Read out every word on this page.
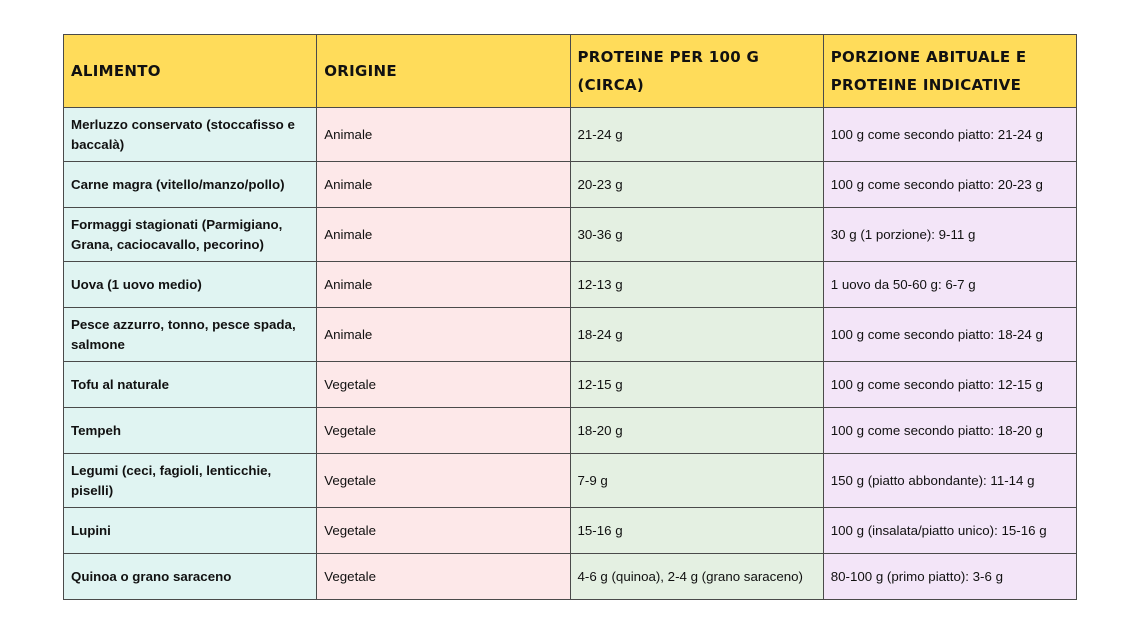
ALIMENTO	ORIGINE	PROTEINE PER 100 G (CIRCA)	PORZIONE ABITUALE E PROTEINE INDICATIVE
Merluzzo conservato (stoccafisso e baccalà)	Animale	21-24 g	100 g come secondo piatto: 21-24 g
Carne magra (vitello/manzo/pollo)	Animale	20-23 g	100 g come secondo piatto: 20-23 g
Formaggi stagionati (Parmigiano, Grana, caciocavallo, pecorino)	Animale	30-36 g	30 g (1 porzione): 9-11 g
Uova (1 uovo medio)	Animale	12-13 g	1 uovo da 50-60 g: 6-7 g
Pesce azzurro, tonno, pesce spada, salmone	Animale	18-24 g	100 g come secondo piatto: 18-24 g
Tofu al naturale	Vegetale	12-15 g	100 g come secondo piatto: 12-15 g
Tempeh	Vegetale	18-20 g	100 g come secondo piatto: 18-20 g
Legumi (ceci, fagioli, lenticchie, piselli)	Vegetale	7-9 g	150 g (piatto abbondante): 11-14 g
Lupini	Vegetale	15-16 g	100 g (insalata/piatto unico): 15-16 g
Quinoa o grano saraceno	Vegetale	4-6 g (quinoa), 2-4 g (grano saraceno)	80-100 g (primo piatto): 3-6 g
